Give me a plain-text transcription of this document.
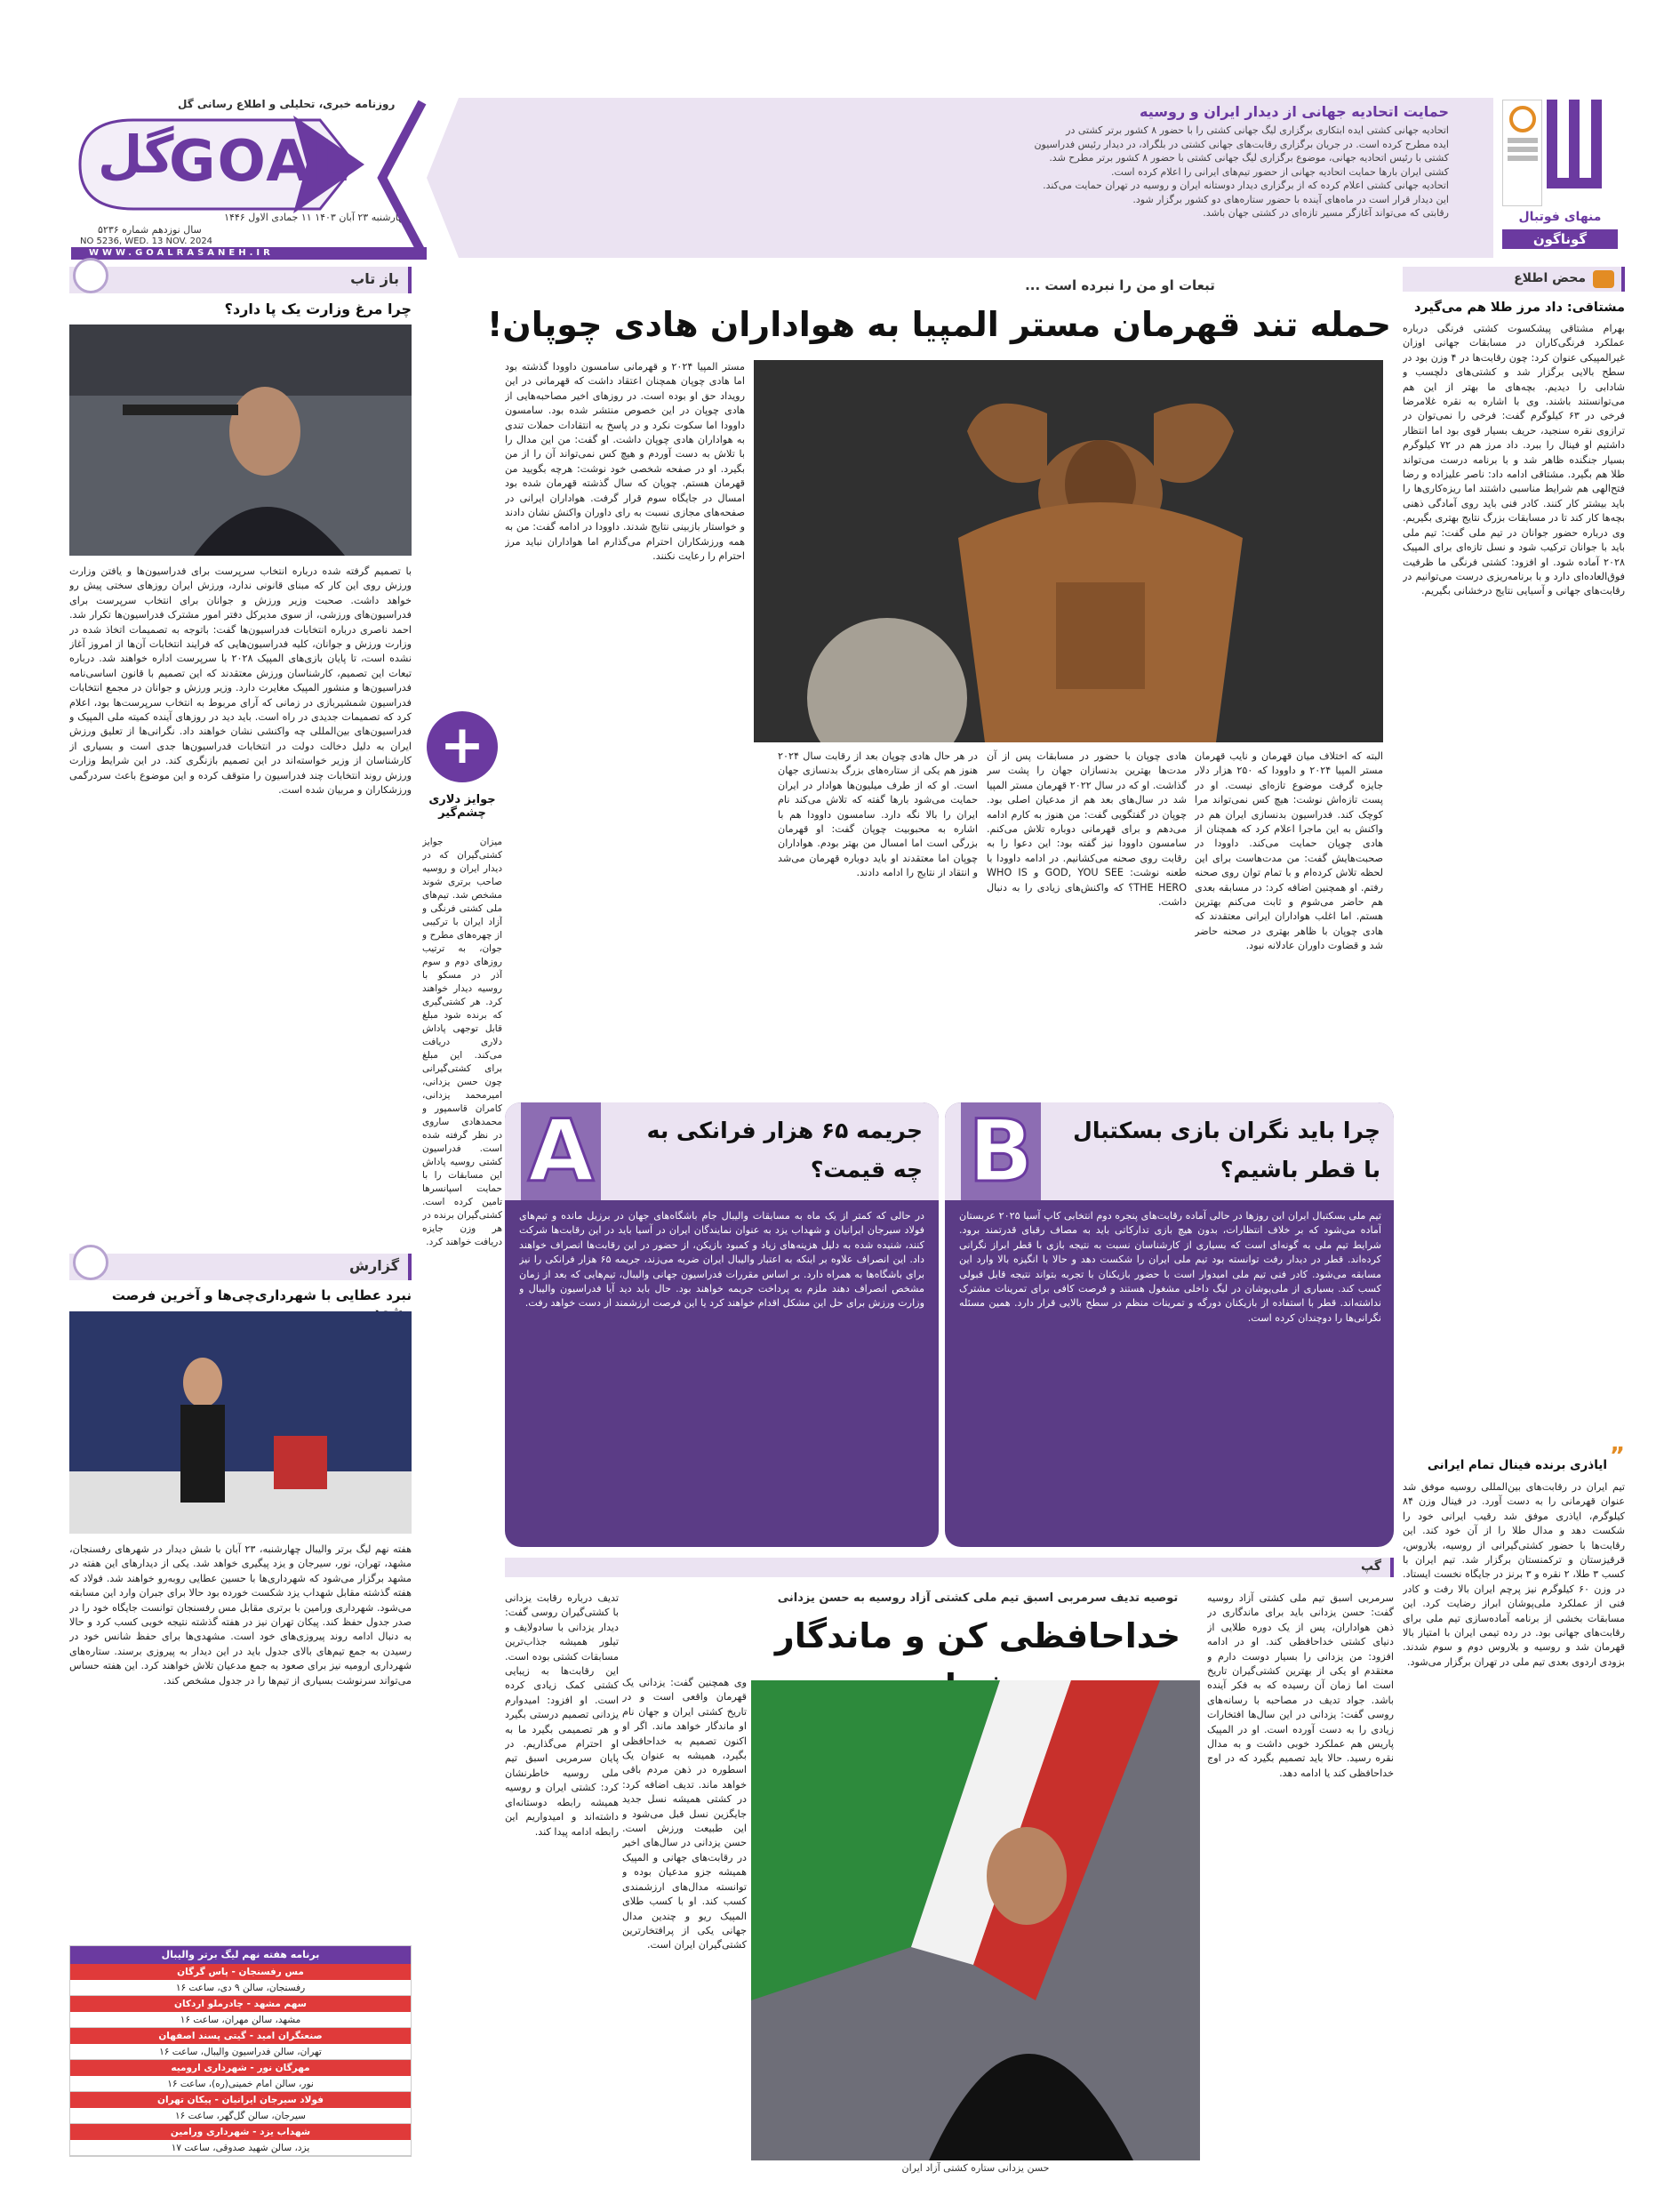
GOAL
گل
روزنامه خبری، تحلیلی و اطلاع رسانی گل
چهارشنبه ۲۳ آبان ۱۴۰۳ ۱۱ جمادی الاول ۱۴۴۶
سال نوزدهم شماره ۵۲۳۶
NO 5236, WED. 13 NOV. 2024
WWW.GOALRASANEH.IR
حمایت اتحادیه جهانی از دیدار ایران و روسیه
اتحادیه جهانی کشتی ایده ابتکاری برگزاری لیگ جهانی کشتی را با حضور ۸ کشور برتر کشتی در
ایده مطرح کرده است. در جریان برگزاری رقابت‌های جهانی کشتی در بلگراد، در دیدار رئیس فدراسیون
کشتی با رئیس اتحادیه جهانی، موضوع برگزاری لیگ جهانی کشتی با حضور ۸ کشور برتر مطرح شد.
کشتی ایران بارها حمایت اتحادیه جهانی از حضور تیم‌های ایرانی را اعلام کرده است.
اتحادیه جهانی کشتی اعلام کرده که از برگزاری دیدار دوستانه ایران و روسیه در تهران حمایت می‌کند.
این دیدار قرار است در ماه‌های آینده با حضور ستاره‌های دو کشور برگزار شود.
رقابتی که می‌تواند آغازگر مسیر تازه‌ای در کشتی جهان باشد.	منهای فوتبال
گوناگون
محض اطلاع
مشتاقی: داد مرز طلا هم می‌گیرد
بهرام مشتاقی پیشکسوت کشتی فرنگی درباره عملکرد فرنگی‌کاران در مسابقات جهانی اوزان غیرالمپیکی عنوان کرد: چون رقابت‌ها در ۴ وزن بود در سطح بالایی برگزار شد و کشتی‌های دلچسب و شادابی را دیدیم. بچه‌های ما بهتر از این هم می‌توانستند باشند. وی با اشاره به نقره غلامرضا فرخی در ۶۳ کیلوگرم گفت: فرخی را نمی‌توان در ترازوی نقره سنجید، حریف بسیار قوی بود اما انتظار داشتیم او فینال را ببرد. داد مرز هم در ۷۲ کیلوگرم بسیار جنگنده ظاهر شد و با برنامه درست می‌تواند طلا هم بگیرد. مشتاقی ادامه داد: ناصر علیزاده و رضا فتح‌الهی هم شرایط مناسبی داشتند اما ریزه‌کاری‌ها را باید بیشتر کار کنند. کادر فنی باید روی آمادگی ذهنی بچه‌ها کار کند تا در مسابقات بزرگ نتایج بهتری بگیریم. وی درباره حضور جوانان در تیم ملی گفت: تیم ملی باید با جوانان ترکیب شود و نسل تازه‌ای برای المپیک ۲۰۲۸ آماده شود. او افزود: کشتی فرنگی ما ظرفیت فوق‌العاده‌ای دارد و با برنامه‌ریزی درست می‌توانیم در رقابت‌های جهانی و آسیایی نتایج درخشانی بگیریم.
”
ایاذری برنده فینال تمام ایرانی
تیم ایران در رقابت‌های بین‌المللی روسیه موفق شد عنوان قهرمانی را به دست آورد. در فینال وزن ۸۴ کیلوگرم، ایاذری موفق شد رقیب ایرانی خود را شکست دهد و مدال طلا را از آن خود کند. این رقابت‌ها با حضور کشتی‌گیرانی از روسیه، بلاروس، قرقیزستان و ترکمنستان برگزار شد. تیم ایران با کسب ۳ طلا، ۲ نقره و ۳ برنز در جایگاه نخست ایستاد. در وزن ۶۰ کیلوگرم نیز پرچم ایران بالا رفت و کادر فنی از عملکرد ملی‌پوشان ابراز رضایت کرد. این مسابقات بخشی از برنامه آماده‌سازی تیم ملی برای رقابت‌های جهانی بود. در رده تیمی ایران با امتیاز بالا قهرمان شد و روسیه و بلاروس دوم و سوم شدند. بزودی اردوی بعدی تیم ملی در تهران برگزار می‌شود.
تبعات او من را نبرده است ...
حمله تند قهرمان مستر المپیا به هواداران هادی چوپان!
مستر المپیا ۲۰۲۴ و قهرمانی سامسون داوودا گذشته بود اما هادی چوپان همچنان اعتقاد داشت که قهرمانی در این رویداد حق او بوده است. در روزهای اخیر مصاحبه‌هایی از هادی چوپان در این خصوص منتشر شده بود. سامسون داوودا اما سکوت نکرد و در پاسخ به انتقادات حملات تندی به هواداران هادی چوپان داشت. او گفت: من این مدال را با تلاش به دست آوردم و هیچ کس نمی‌تواند آن را از من بگیرد. او در صفحه شخصی خود نوشت: هرچه بگویید من قهرمان هستم. چوپان که سال گذشته قهرمان شده بود امسال در جایگاه سوم قرار گرفت. هواداران ایرانی در صفحه‌های مجازی نسبت به رای داوران واکنش نشان دادند و خواستار بازبینی نتایج شدند. داوودا در ادامه گفت: من به همه ورزشکاران احترام می‌گذارم اما هواداران نباید مرز احترام را رعایت نکنند.
البته که اختلاف میان قهرمان و نایب قهرمان مستر المپیا ۲۰۲۴ و داوودا که ۲۵۰ هزار دلار جایزه گرفت موضوع تازه‌ای نیست. او در پست تازه‌اش نوشت: هیچ کس نمی‌تواند مرا کوچک کند. فدراسیون بدنسازی ایران هم در واکنش به این ماجرا اعلام کرد که همچنان از هادی چوپان حمایت می‌کند. داوودا در صحبت‌هایش گفت: من مدت‌هاست برای این لحظه تلاش کرده‌ام و با تمام توان روی صحنه رفتم. او همچنین اضافه کرد: در مسابقه بعدی هم حاضر می‌شوم و ثابت می‌کنم بهترین هستم. اما اغلب هواداران ایرانی معتقدند که هادی چوپان با ظاهر بهتری در صحنه حاضر شد و قضاوت داوران عادلانه نبود.
هادی چوپان با حضور در مسابقات پس از آن مدت‌ها بهترین بدنسازان جهان را پشت سر گذاشت. او که در سال ۲۰۲۲ قهرمان مستر المپیا شد در سال‌های بعد هم از مدعیان اصلی بود. چوپان در گفتگویی گفت: من هنوز به کارم ادامه می‌دهم و برای قهرمانی دوباره تلاش می‌کنم. سامسون داوودا نیز گفته بود: این دعوا را به رقابت روی صحنه می‌کشانیم. در ادامه داوودا با طعنه نوشت: GOD, YOU SEE و WHO IS THE HERO؟ که واکنش‌های زیادی را به دنبال داشت.
در هر حال هادی چوپان بعد از رقابت سال ۲۰۲۴ هنوز هم یکی از ستاره‌های بزرگ بدنسازی جهان است. او که از طرف میلیون‌ها هوادار در ایران حمایت می‌شود بارها گفته که تلاش می‌کند نام ایران را بالا نگه دارد. سامسون داوودا هم با اشاره به محبوبیت چوپان گفت: او قهرمان بزرگی است اما امسال من بهتر بودم. هواداران چوپان اما معتقدند او باید دوباره قهرمان می‌شد و انتقاد از نتایج را ادامه دادند.
+
جوایز دلاری چشم‌گیر
میزان جوایز کشتی‌گیران که در دیدار ایران و روسیه صاحب برتری شوند مشخص شد. تیم‌های ملی کشتی فرنگی و آزاد ایران با ترکیبی از چهره‌های مطرح و جوان، به ترتیب روزهای دوم و سوم آذر در مسکو با روسیه دیدار خواهند کرد. هر کشتی‌گیری که برنده شود مبلغ قابل توجهی پاداش دلاری دریافت می‌کند. این مبلغ برای کشتی‌گیرانی چون حسن یزدانی، امیرمحمد یزدانی، کامران قاسمپور و محمدهادی ساروی در نظر گرفته شده است. فدراسیون کشتی روسیه پاداش این مسابقات را با حمایت اسپانسرها تامین کرده است. کشتی‌گیران برنده در هر وزن جایزه دریافت خواهند کرد.
B	چرا باید نگران بازی بسکتبال با قطر باشیم؟
تیم ملی بسکتبال ایران این روزها در حالی آماده رقابت‌های پنجره دوم انتخابی کاپ آسیا ۲۰۲۵ عربستان آماده می‌شود که بر خلاف انتظارات، بدون هیچ بازی تدارکاتی باید به مصاف رقبای قدرتمند برود. شرایط تیم ملی به گونه‌ای است که بسیاری از کارشناسان نسبت به نتیجه بازی با قطر ابراز نگرانی کرده‌اند. قطر در دیدار رفت توانسته بود تیم ملی ایران را شکست دهد و حالا با انگیزه بالا وارد این مسابقه می‌شود. کادر فنی تیم ملی امیدوار است با حضور بازیکنان با تجربه بتواند نتیجه قابل قبولی کسب کند. بسیاری از ملی‌پوشان در لیگ داخلی مشغول هستند و فرصت کافی برای تمرینات مشترک نداشته‌اند. قطر با استفاده از بازیکنان دورگه و تمرینات منظم در سطح بالایی قرار دارد. همین مسئله نگرانی‌ها را دوچندان کرده است.
A	جریمه ۶۵ هزار فرانکی به چه قیمت؟
در حالی که کمتر از یک ماه به مسابقات والیبال جام باشگاه‌های جهان در برزیل مانده و تیم‌های فولاد سیرجان ایرانیان و شهداب یزد به عنوان نمایندگان ایران در آسیا باید در این رقابت‌ها شرکت کنند، شنیده شده به دلیل هزینه‌های زیاد و کمبود بازیکن، از حضور در این رقابت‌ها انصراف خواهند داد. این انصراف علاوه بر اینکه به اعتبار والیبال ایران ضربه می‌زند، جریمه ۶۵ هزار فرانکی را نیز برای باشگاه‌ها به همراه دارد. بر اساس مقررات فدراسیون جهانی والیبال، تیم‌هایی که بعد از زمان مشخص انصراف دهند ملزم به پرداخت جریمه خواهند بود. حال باید دید آیا فدراسیون والیبال و وزارت ورزش برای حل این مشکل اقدام خواهند کرد یا این فرصت ارزشمند از دست خواهد رفت.
باز تاب
چرا مرغ وزارت یک پا دارد؟
با تصمیم گرفته شده درباره انتخاب سرپرست برای فدراسیون‌ها و یافتن وزارت ورزش روی این کار که مبنای قانونی ندارد، ورزش ایران روزهای سختی پیش رو خواهد داشت. صحبت وزیر ورزش و جوانان برای انتخاب سرپرست برای فدراسیون‌های ورزشی، از سوی مدیرکل دفتر امور مشترک فدراسیون‌ها تکرار شد. احمد ناصری درباره انتخابات فدراسیون‌ها گفت: باتوجه به تصمیمات اتخاذ شده در وزارت ورزش و جوانان، کلیه فدراسیون‌هایی که فرایند انتخابات آن‌ها از امروز آغاز نشده است، تا پایان بازی‌های المپیک ۲۰۲۸ با سرپرست اداره خواهند شد. درباره تبعات این تصمیم، کارشناسان ورزش معتقدند که این تصمیم با قانون اساسی‌نامه فدراسیون‌ها و منشور المپیک مغایرت دارد. وزیر ورزش و جوانان در مجمع انتخابات فدراسیون شمشیربازی در زمانی که آرای مربوط به انتخاب سرپرست‌ها بود، اعلام کرد که تصمیمات جدیدی در راه است. باید دید در روزهای آینده کمیته ملی المپیک و فدراسیون‌های بین‌المللی چه واکنشی نشان خواهند داد. نگرانی‌ها از تعلیق ورزش ایران به دلیل دخالت دولت در انتخابات فدراسیون‌ها جدی است و بسیاری از کارشناسان از وزیر خواسته‌اند در این تصمیم بازنگری کند. در این شرایط وزارت ورزش روند انتخابات چند فدراسیون را متوقف کرده و این موضوع باعث سردرگمی ورزشکاران و مربیان شده است.
گزارش
نبرد عطایی با شهرداری‌چی‌ها و آخرین فرصت
هفته نهم لیگ برتر والیبال چهارشنبه، ۲۳ آبان با شش دیدار در شهرهای رفسنجان، مشهد، تهران، نور، سیرجان و یزد پیگیری خواهد شد. یکی از دیدارهای این هفته در مشهد برگزار می‌شود که شهرداری‌ها با حسین عطایی روبه‌رو خواهند شد. فولاد که هفته گذشته مقابل شهداب یزد شکست خورده بود حالا برای جبران وارد این مسابقه می‌شود. شهرداری ورامین با برتری مقابل مس رفسنجان توانست جایگاه خود را در صدر جدول حفظ کند. پیکان تهران نیز در هفته گذشته نتیجه خوبی کسب کرد و حالا به دنبال ادامه روند پیروزی‌های خود است. مشهدی‌ها برای حفظ شانس خود در رسیدن به جمع تیم‌های بالای جدول باید در این دیدار به پیروزی برسند. ستاره‌های شهرداری ارومیه نیز برای صعود به جمع مدعیان تلاش خواهند کرد. این هفته حساس می‌تواند سرنوشت بسیاری از تیم‌ها را در جدول مشخص کند.
برنامه هفته نهم لیگ برتر والیبال
مس رفسنجان - پاس گرگان
رفسنجان، سالن ۹ دی، ساعت ۱۶
سهم مشهد - چادرملو اردکان
مشهد، سالن مهران، ساعت ۱۶
صنعتگران امید - گیتی پسند اصفهان
تهران، سالن فدراسیون والیبال، ساعت ۱۶
مهرگان نور - شهرداری ارومیه
نور، سالن امام خمینی(ره)، ساعت ۱۶
فولاد سیرجان ایرانیان - پیکان تهران
سیرجان، سالن گل‌گهر، ساعت ۱۶
شهداب یزد - شهرداری ورامین
یزد، سالن شهید صدوقی، ساعت ۱۷
گپ
توصیه تدیف سرمربی اسبق تیم ملی کشتی آزاد روسیه به حسن یزدانی
خداحافظی کن و ماندگار
حسن یزدانی ستاره کشتی آزاد ایران
سرمربی اسبق تیم ملی کشتی آزاد روسیه گفت: حسن یزدانی باید برای ماندگاری در ذهن هواداران، پس از یک دوره طلایی از دنیای کشتی خداحافظی کند. او در ادامه افزود: من یزدانی را بسیار دوست دارم و معتقدم او یکی از بهترین کشتی‌گیران تاریخ است اما زمان آن رسیده که به فکر آینده باشد. جواد تدیف در مصاحبه با رسانه‌های روسی گفت: یزدانی در این سال‌ها افتخارات زیادی را به دست آورده است. او در المپیک پاریس هم عملکرد خوبی داشت و به مدال نقره رسید. حالا باید تصمیم بگیرد که در اوج خداحافظی کند یا ادامه دهد.
وی همچنین گفت: یزدانی یک قهرمان واقعی است و در تاریخ کشتی ایران و جهان نام او ماندگار خواهد ماند. اگر او اکنون تصمیم به خداحافظی بگیرد، همیشه به عنوان یک اسطوره در ذهن مردم باقی خواهد ماند. تدیف اضافه کرد: در کشتی همیشه نسل جدید جایگزین نسل قبل می‌شود و این طبیعت ورزش است. حسن یزدانی در سال‌های اخیر در رقابت‌های جهانی و المپیک همیشه جزو مدعیان بوده و توانسته مدال‌های ارزشمندی کسب کند. او با کسب طلای المپیک ریو و چندین مدال جهانی یکی از پرافتخارترین کشتی‌گیران ایران است.
تدیف درباره رقابت یزدانی با کشتی‌گیران روسی گفت: دیدار یزدانی با سادولایف و تیلور همیشه جذاب‌ترین مسابقات کشتی بوده است. این رقابت‌ها به زیبایی کشتی کمک زیادی کرده است. او افزود: امیدوارم یزدانی تصمیم درستی بگیرد و هر تصمیمی بگیرد ما به او احترام می‌گذاریم. در پایان سرمربی اسبق تیم ملی روسیه خاطرنشان کرد: کشتی ایران و روسیه همیشه رابطه دوستانه‌ای داشته‌اند و امیدواریم این رابطه ادامه پیدا کند.
